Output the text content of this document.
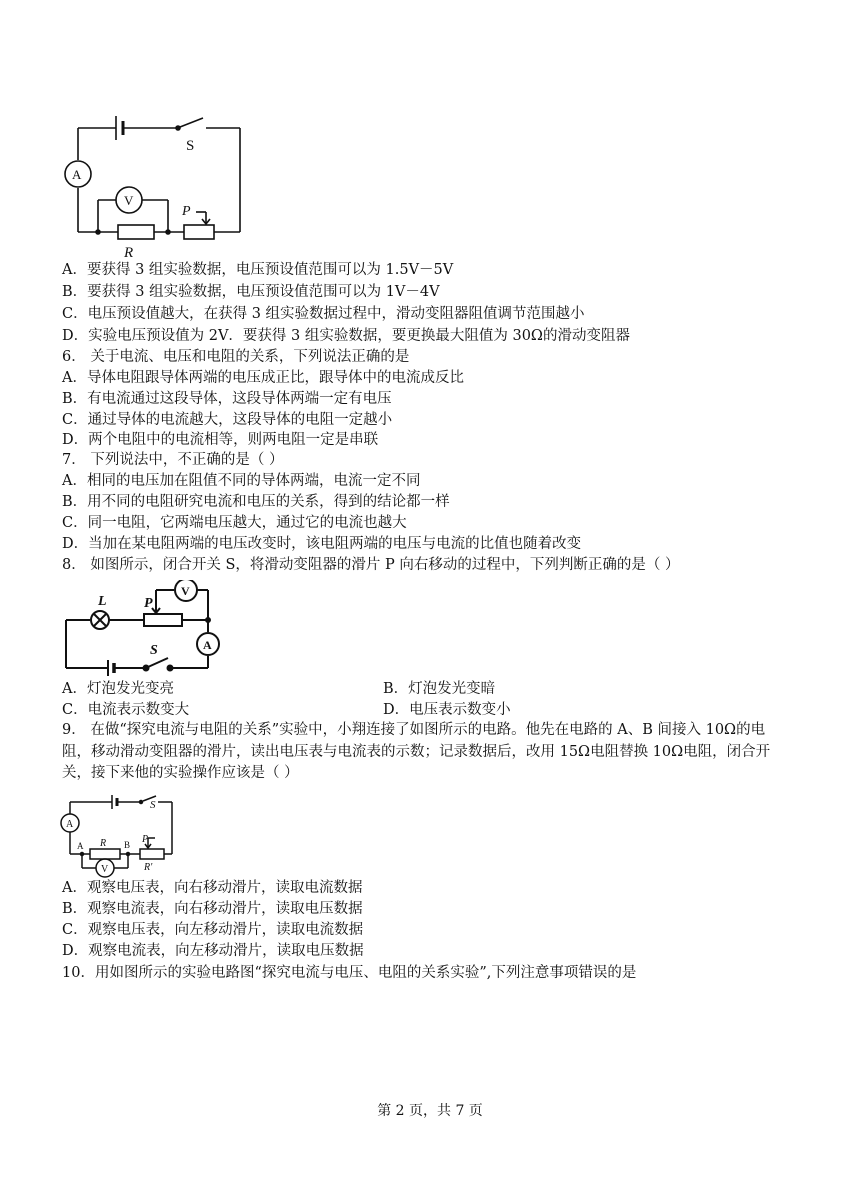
A
V
S
P
R
A．要获得 3 组实验数据，电压预设值范围可以为 1.5V－5V
B．要获得 3 组实验数据，电压预设值范围可以为 1V－4V
C．电压预设值越大，在获得 3 组实验数据过程中，滑动变阻器阻值调节范围越小
D．实验电压预设值为 2V．要获得 3 组实验数据，要更换最大阻值为 30Ω的滑动变阻器
6． 关于电流、电压和电阻的关系，下列说法正确的是
A．导体电阻跟导体两端的电压成正比，跟导体中的电流成反比
B．有电流通过这段导体，这段导体两端一定有电压
C．通过导体的电流越大，这段导体的电阻一定越小
D．两个电阻中的电流相等，则两电阻一定是串联
7． 下列说法中，不正确的是（ ）
A．相同的电压加在阻值不同的导体两端，电流一定不同
B．用不同的电阻研究电流和电压的关系，得到的结论都一样
C．同一电阻，它两端电压越大，通过它的电流也越大
D．当加在某电阻两端的电压改变时，该电阻两端的电压与电流的比值也随着改变
8． 如图所示，闭合开关 S，将滑动变阻器的滑片 P 向右移动的过程中，下列判断正确的是（ ）
L	P
V
A
S
A．灯泡发光变亮	B．灯泡发光变暗
C．电流表示数变大	D．电压表示数变小
9． 在做“探究电流与电阻的关系”实验中，小翔连接了如图所示的电路。他先在电路的 A、B 间接入 10Ω的电
阻，移动滑动变阻器的滑片，读出电压表与电流表的示数；记录数据后，改用 15Ω电阻替换 10Ω电阻，闭合开
关，接下来他的实验操作应该是（ ）
S
A
A R B P
R'
V
A．观察电压表，向右移动滑片，读取电流数据
B．观察电流表，向右移动滑片，读取电压数据
C．观察电压表，向左移动滑片，读取电流数据
D．观察电流表，向左移动滑片，读取电压数据
10．用如图所示的实验电路图“探究电流与电压、电阻的关系实验”,下列注意事项错误的是
第 2 页，共 7 页
